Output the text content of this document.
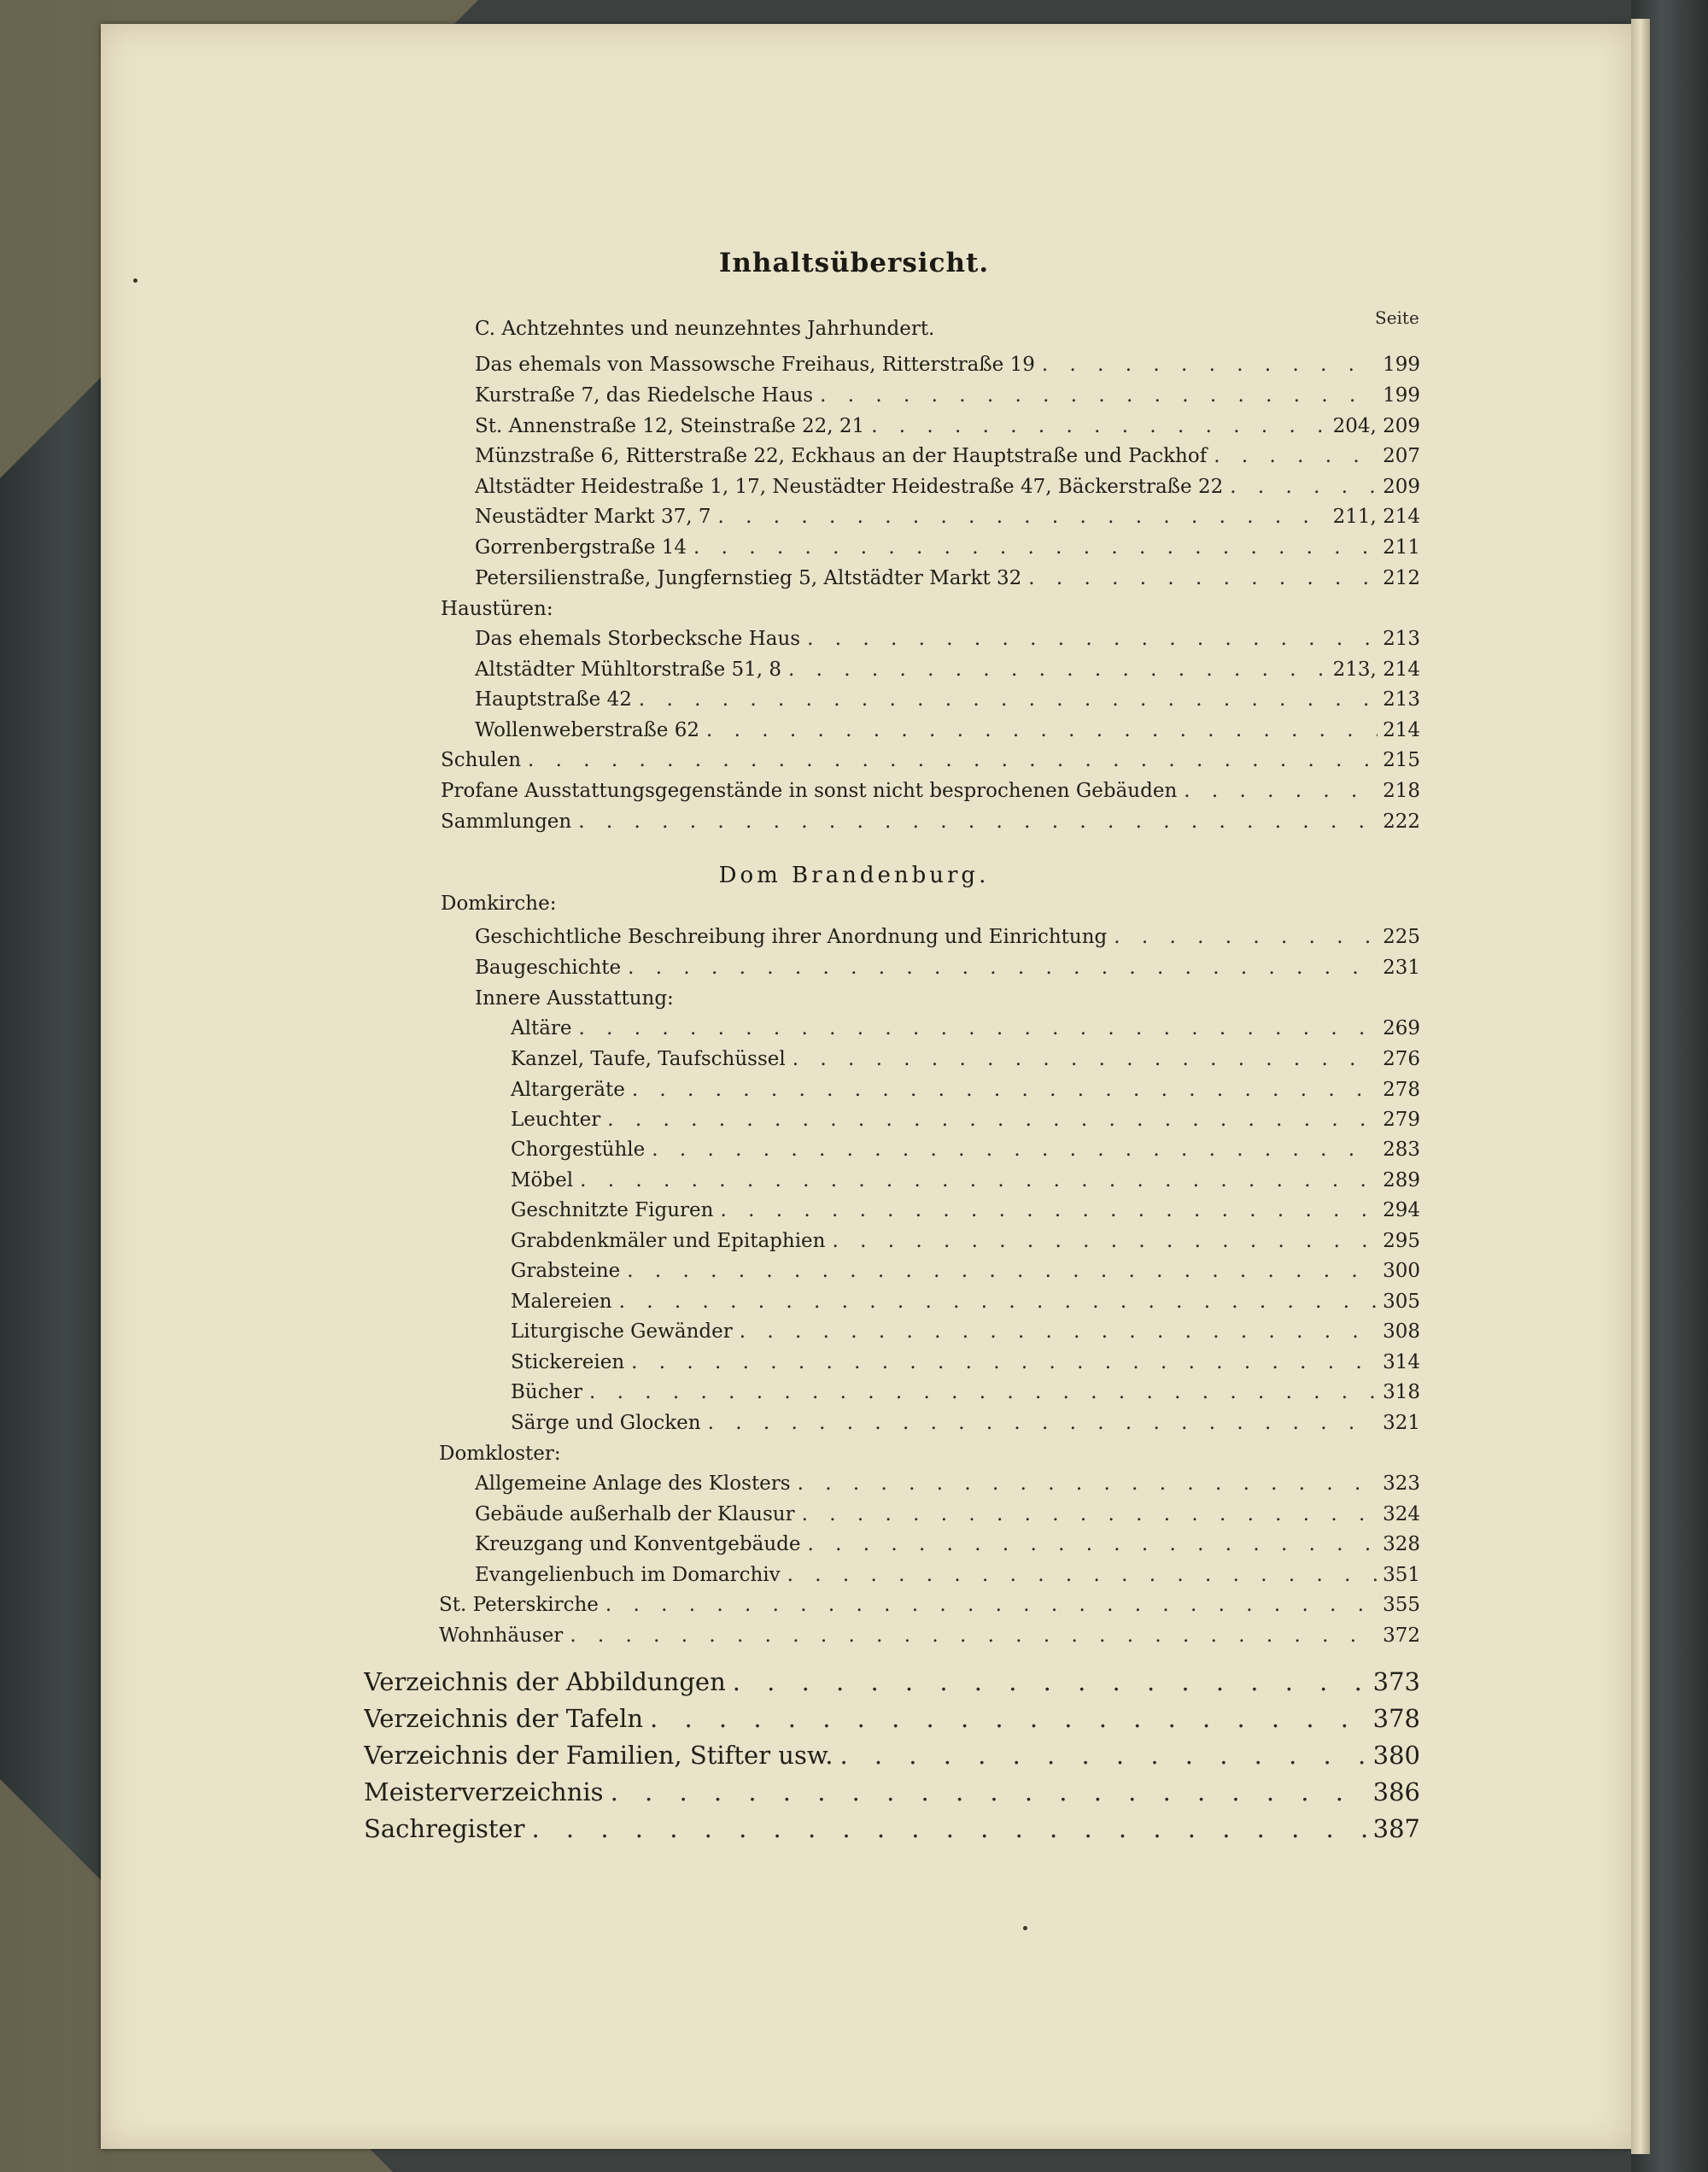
Inhaltsübersicht.
Seite
C. Achtzehntes und neunzehntes Jahrhundert.
Das ehemals von Massowsche Freihaus, Ritterstraße 19 . . .	199
Kurstraße 7, das Riedelsche Haus . . .	199
St. Annenstraße 12, Steinstraße 22, 21 . . .	204, 209
Münzstraße 6, Ritterstraße 22, Eckhaus an der Hauptstraße und Packhof . . .	207
Altstädter Heidestraße 1, 17, Neustädter Heidestraße 47, Bäckerstraße 22 . . .	209
Neustädter Markt 37, 7 . . .	211, 214
Gorrenbergstraße 14 . . .	211
Petersilienstraße, Jungfernstieg 5, Altstädter Markt 32 . . .	212
Haustüren:
Das ehemals Storbecksche Haus . . .	213
Altstädter Mühltorstraße 51, 8 . . .	213, 214
Hauptstraße 42 . . .	213
Wollenweberstraße 62 . . .	214
Schulen . . .	215
Profane Ausstattungsgegenstände in sonst nicht besprochenen Gebäuden . . .	218
Sammlungen . . .	222
Dom Brandenburg.
Domkirche:
Geschichtliche Beschreibung ihrer Anordnung und Einrichtung . . .	225
Baugeschichte . . .	231
Innere Ausstattung:
Altäre . . .	269
Kanzel, Taufe, Taufschüssel . . .	276
Altargeräte . . .	278
Leuchter . . .	279
Chorgestühle . . .	283
Möbel . . .	289
Geschnitzte Figuren . . .	294
Grabdenkmäler und Epitaphien . . .	295
Grabsteine . . .	300
Malereien . . .	305
Liturgische Gewänder . . .	308
Stickereien . . .	314
Bücher . . .	318
Särge und Glocken . . .	321
Domkloster:
Allgemeine Anlage des Klosters . . .	323
Gebäude außerhalb der Klausur . . .	324
Kreuzgang und Konventgebäude . . .	328
Evangelienbuch im Domarchiv . . .	351
St. Peterskirche . . .	355
Wohnhäuser . . .	372
Verzeichnis der Abbildungen . . .	373
Verzeichnis der Tafeln . . .	378
Verzeichnis der Familien, Stifter usw. . . .	380
Meisterverzeichnis . . .	386
Sachregister . . .	387
